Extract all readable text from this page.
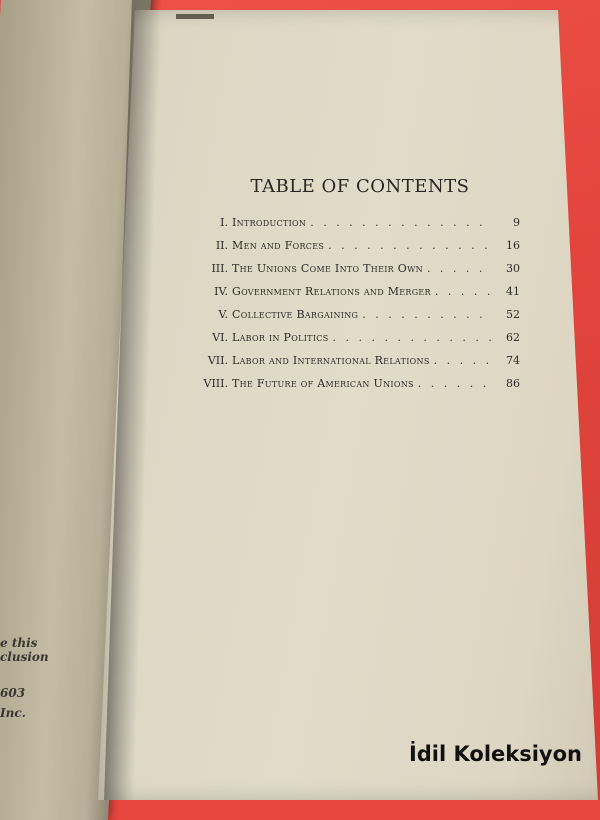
e this
clusion
603
Inc.
TABLE OF CONTENTS
I. Introduction . . .	9
II. Men and Forces . . .	16
III. The Unions Come Into Their Own . . .	30
IV. Government Relations and Merger . . .	41
V. Collective Bargaining . . .	52
VI. Labor in Politics . . .	62
VII. Labor and International Relations . . .	74
VIII. The Future of American Unions . . .	86
İdil Koleksiyon
